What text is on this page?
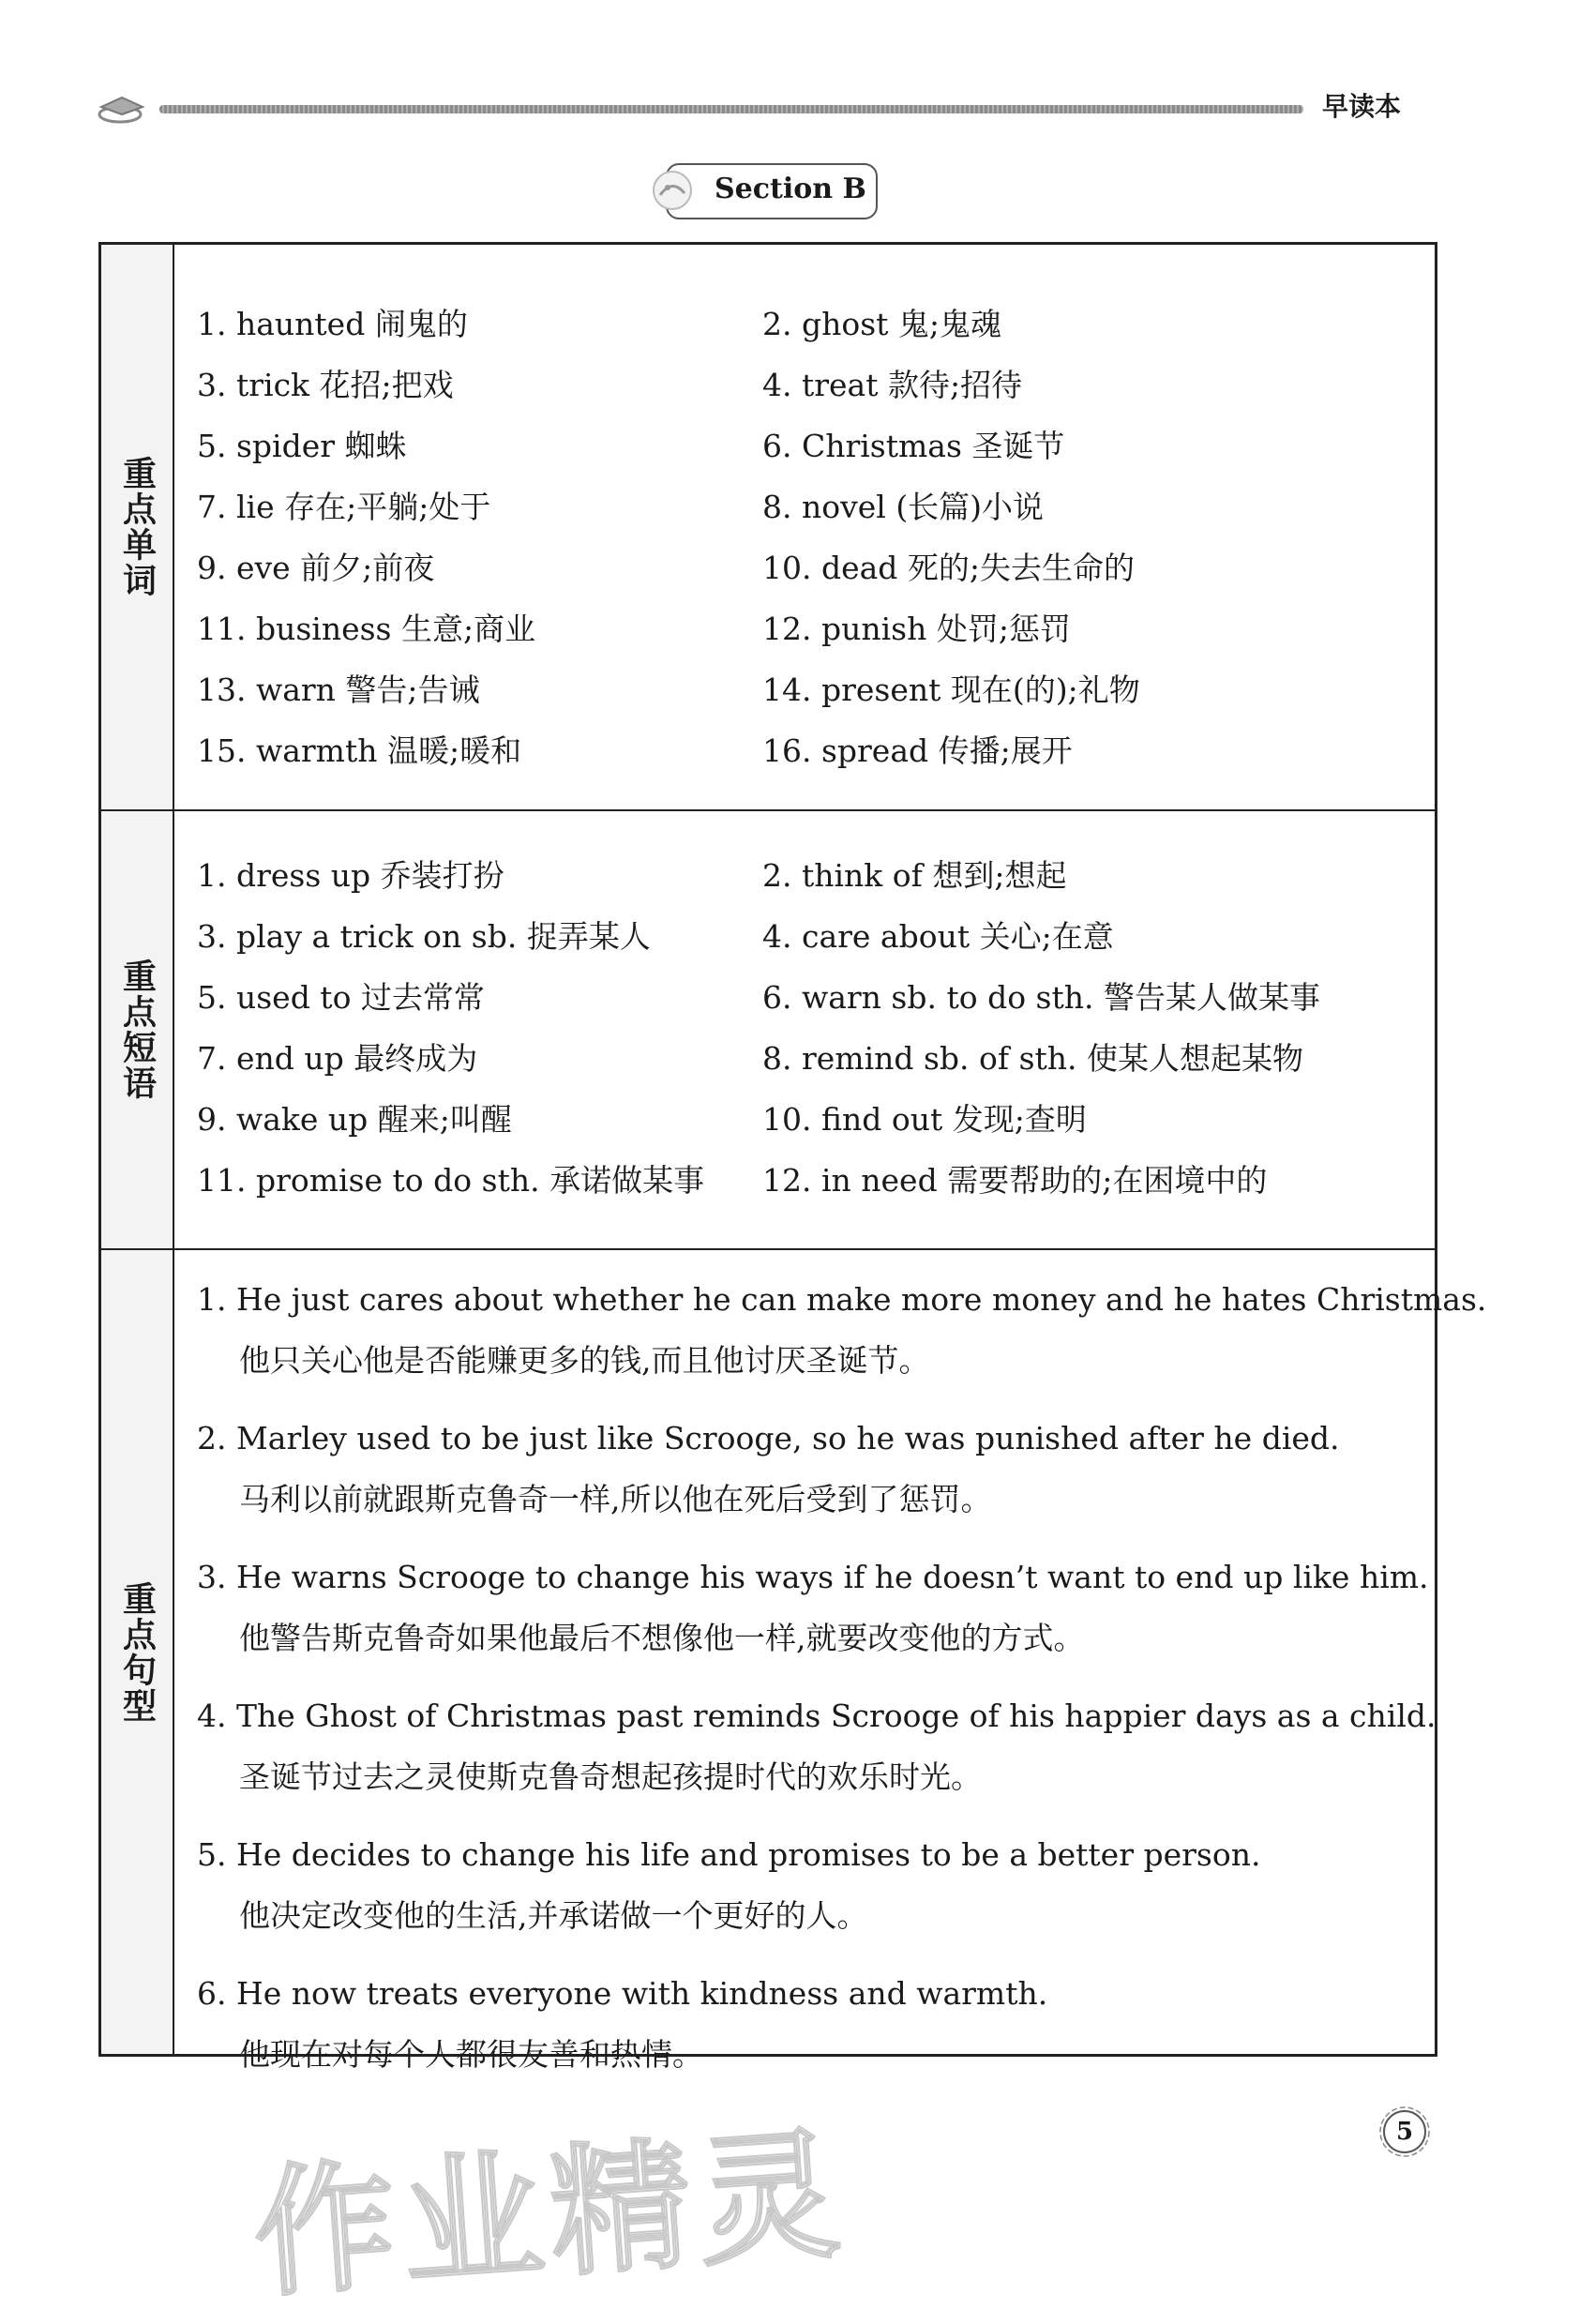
早读本
Section B
重点单词
1. haunted 闹鬼的	2. ghost 鬼;鬼魂
3. trick 花招;把戏	4. treat 款待;招待
5. spider 蜘蛛	6. Christmas 圣诞节
7. lie 存在;平躺;处于	8. novel (长篇)小说
9. eve 前夕;前夜	10. dead 死的;失去生命的
11. business 生意;商业	12. punish 处罚;惩罚
13. warn 警告;告诫	14. present 现在(的);礼物
15. warmth 温暖;暖和	16. spread 传播;展开
重点短语
1. dress up 乔装打扮	2. think of 想到;想起
3. play a trick on sb. 捉弄某人	4. care about 关心;在意
5. used to 过去常常	6. warn sb. to do sth. 警告某人做某事
7. end up 最终成为	8. remind sb. of sth. 使某人想起某物
9. wake up 醒来;叫醒	10. find out 发现;查明
11. promise to do sth. 承诺做某事	12. in need 需要帮助的;在困境中的
重点句型
1. He just cares about whether he can make more money and he hates Christmas.
他只关心他是否能赚更多的钱,而且他讨厌圣诞节。
2. Marley used to be just like Scrooge, so he was punished after he died.
马利以前就跟斯克鲁奇一样,所以他在死后受到了惩罚。
3. He warns Scrooge to change his ways if he doesn’t want to end up like him.
他警告斯克鲁奇如果他最后不想像他一样,就要改变他的方式。
4. The Ghost of Christmas past reminds Scrooge of his happier days as a child.
圣诞节过去之灵使斯克鲁奇想起孩提时代的欢乐时光。
5. He decides to change his life and promises to be a better person.
他决定改变他的生活,并承诺做一个更好的人。
6. He now treats everyone with kindness and warmth.
他现在对每个人都很友善和热情。
作业精灵	5
